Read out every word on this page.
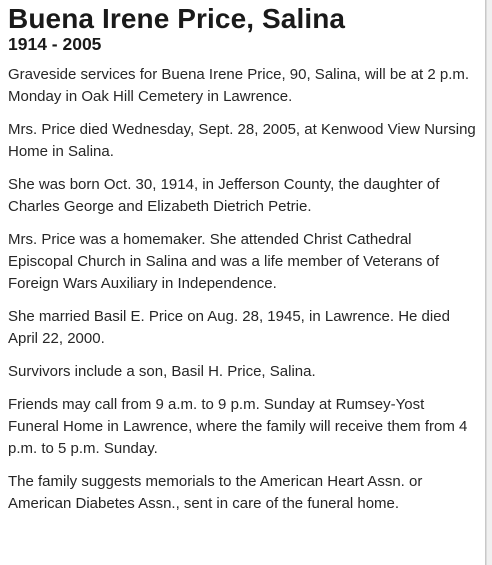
Buena Irene Price, Salina
1914 - 2005

Graveside services for Buena Irene Price, 90, Salina, will be at 2 p.m. Monday in Oak Hill Cemetery in Lawrence.

Mrs. Price died Wednesday, Sept. 28, 2005, at Kenwood View Nursing Home in Salina.

She was born Oct. 30, 1914, in Jefferson County, the daughter of Charles George and Elizabeth Dietrich Petrie.

Mrs. Price was a homemaker. She attended Christ Cathedral Episcopal Church in Salina and was a life member of Veterans of Foreign Wars Auxiliary in Independence.

She married Basil E. Price on Aug. 28, 1945, in Lawrence. He died April 22, 2000.

Survivors include a son, Basil H. Price, Salina.

Friends may call from 9 a.m. to 9 p.m. Sunday at Rumsey-Yost Funeral Home in Lawrence, where the family will receive them from 4 p.m. to 5 p.m. Sunday.

The family suggests memorials to the American Heart Assn. or American Diabetes Assn., sent in care of the funeral home.
